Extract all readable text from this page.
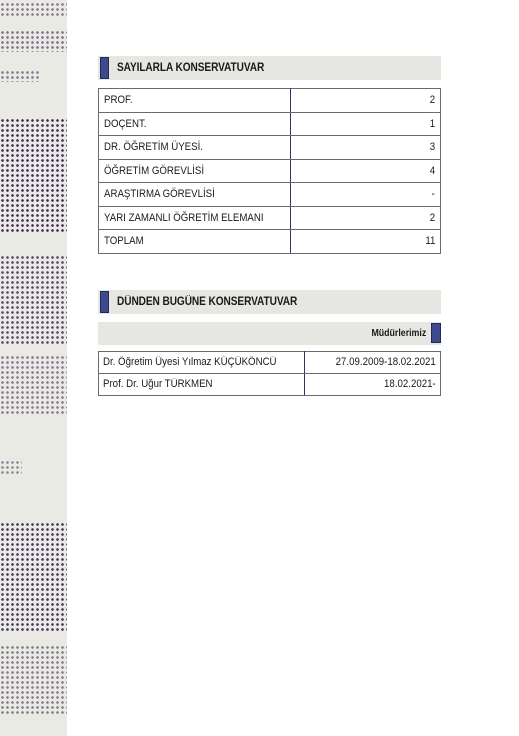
SAYILARLA KONSERVATUVAR
PROF.	2
DOÇENT.	1
DR. ÖĞRETİM ÜYESİ.	3
ÖĞRETİM GÖREVLİSİ	4
ARAŞTIRMA GÖREVLİSİ	-
YARI ZAMANLI ÖĞRETİM ELEMANI	2
TOPLAM	11
DÜNDEN BUGÜNE KONSERVATUVAR
Müdürlerimiz
Dr. Öğretim Üyesi Yılmaz KÜÇÜKÖNCÜ	27.09.2009-18.02.2021
Prof. Dr. Uğur TÜRKMEN	18.02.2021-
